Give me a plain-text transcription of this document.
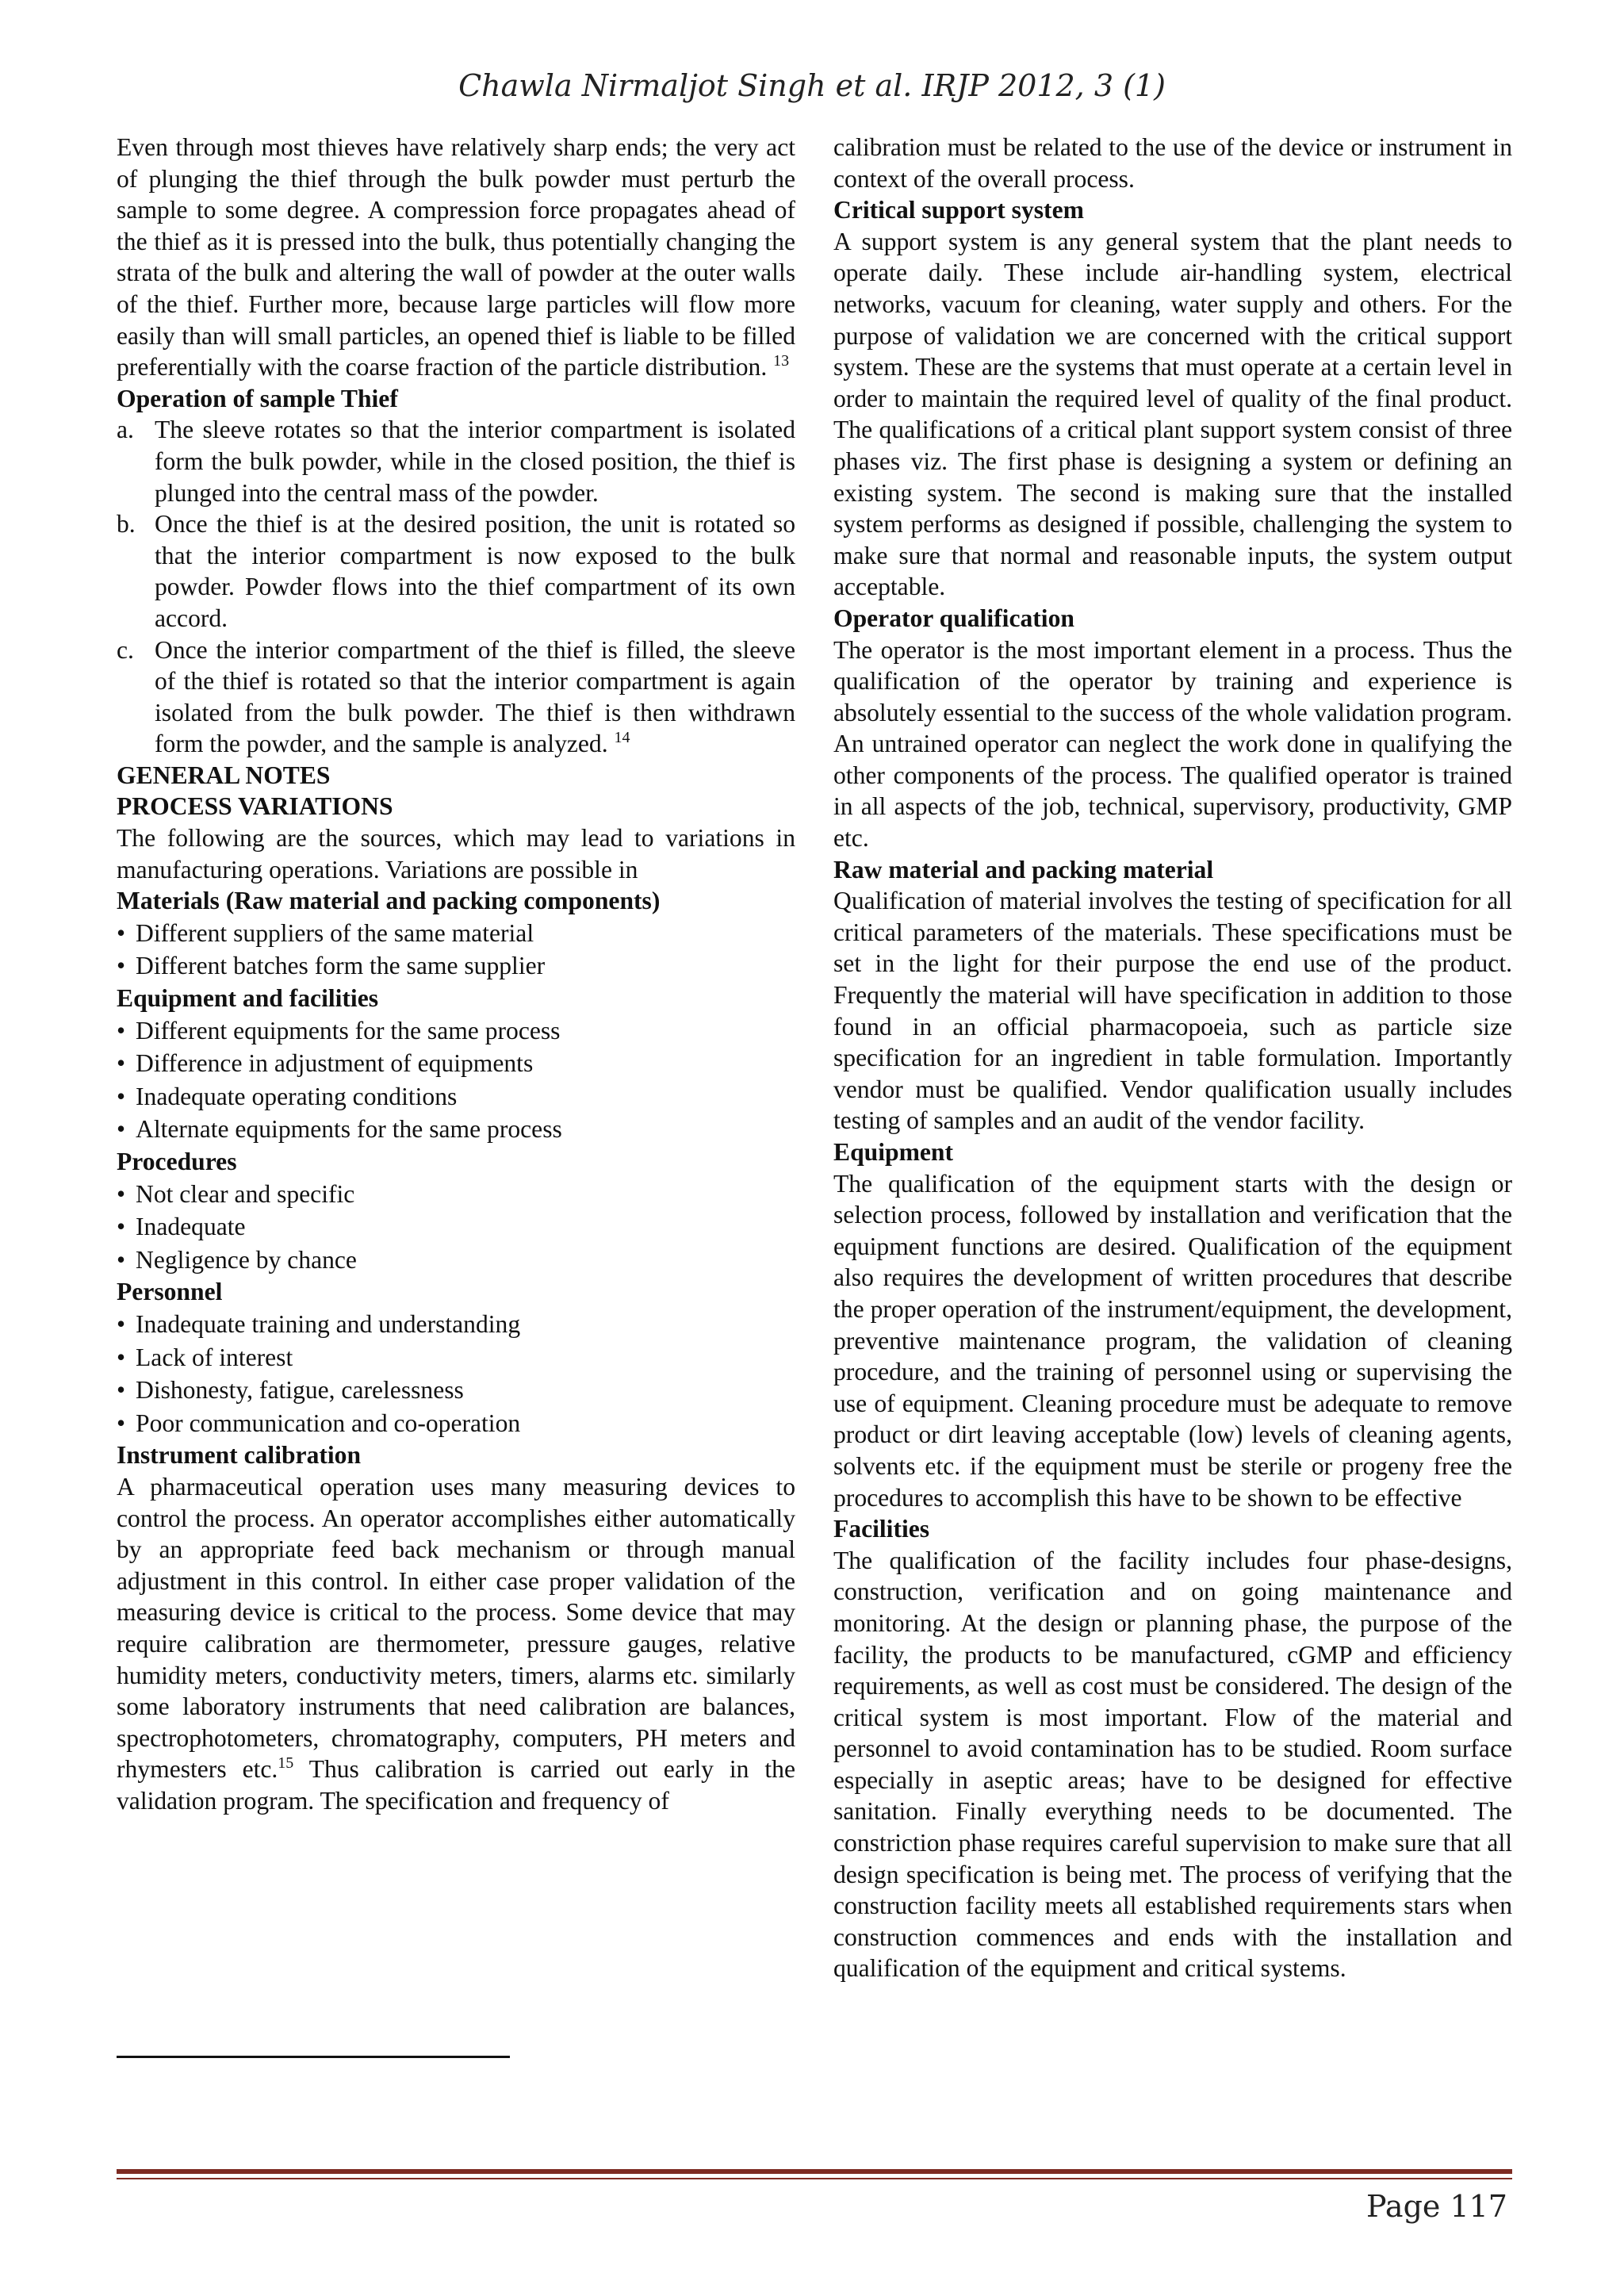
Chawla Nirmaljot Singh et al. IRJP 2012, 3 (1)

Even through most thieves have relatively sharp ends; the very act of plunging the thief through the bulk powder must perturb the sample to some degree. A compression force propagates ahead of the thief as it is pressed into the bulk, thus potentially changing the strata of the bulk and altering the wall of powder at the outer walls of the thief. Further more, because large particles will flow more easily than will small particles, an opened thief is liable to be filled preferentially with the coarse fraction of the particle distribution. $^{13}$

Operation of sample Thief
a. The sleeve rotates so that the interior compartment is isolated form the bulk powder, while in the closed position, the thief is plunged into the central mass of the powder.
b. Once the thief is at the desired position, the unit is rotated so that the interior compartment is now exposed to the bulk powder. Powder flows into the thief compartment of its own accord.
c. Once the interior compartment of the thief is filled, the sleeve of the thief is rotated so that the interior compartment is again isolated from the bulk powder. The thief is then withdrawn form the powder, and the sample is analyzed. $^{14}$
GENERAL NOTES
PROCESS VARIATIONS

The following are the sources, which may lead to variations in manufacturing operations. Variations are possible in

Materials (Raw material and packing components)
• Different suppliers of the same material
• Different batches form the same supplier
Equipment and facilities
• Different equipments for the same process
• Difference in adjustment of equipments
• Inadequate operating conditions
• Alternate equipments for the same process
Procedures
• Not clear and specific
• Inadequate
• Negligence by chance
Personnel
• Inadequate training and understanding
• Lack of interest
• Dishonesty, fatigue, carelessness
• Poor communication and co-operation
Instrument calibration

A pharmaceutical operation uses many measuring devices to control the process. An operator accomplishes either automatically by an appropriate feed back mechanism or through manual adjustment in this control. In either case proper validation of the measuring device is critical to the process. Some device that may require calibration are thermometer, pressure gauges, relative humidity meters, conductivity meters, timers, alarms etc. similarly some laboratory instruments that need calibration are balances, spectrophotometers, chromatography, computers, PH meters and rhymesters etc.$^{15}$ Thus calibration is carried out early in the validation program. The specification and frequency of

calibration must be related to the use of the device or instrument in context of the overall process.

Critical support system

A support system is any general system that the plant needs to operate daily. These include air-handling system, electrical networks, vacuum for cleaning, water supply and others. For the purpose of validation we are concerned with the critical support system. These are the systems that must operate at a certain level in order to maintain the required level of quality of the final product. The qualifications of a critical plant support system consist of three phases viz. The first phase is designing a system or defining an existing system. The second is making sure that the installed system performs as designed if possible, challenging the system to make sure that normal and reasonable inputs, the system output acceptable.

Operator qualification

The operator is the most important element in a process. Thus the qualification of the operator by training and experience is absolutely essential to the success of the whole validation program. An untrained operator can neglect the work done in qualifying the other components of the process. The qualified operator is trained in all aspects of the job, technical, supervisory, productivity, GMP etc.

Raw material and packing material

Qualification of material involves the testing of specification for all critical parameters of the materials. These specifications must be set in the light for their purpose the end use of the product. Frequently the material will have specification in addition to those found in an official pharmacopoeia, such as particle size specification for an ingredient in table formulation. Importantly vendor must be qualified. Vendor qualification usually includes testing of samples and an audit of the vendor facility.

Equipment

The qualification of the equipment starts with the design or selection process, followed by installation and verification that the equipment functions are desired. Qualification of the equipment also requires the development of written procedures that describe the proper operation of the instrument/equipment, the development, preventive maintenance program, the validation of cleaning procedure, and the training of personnel using or supervising the use of equipment. Cleaning procedure must be adequate to remove product or dirt leaving acceptable (low) levels of cleaning agents, solvents etc. if the equipment must be sterile or progeny free the procedures to accomplish this have to be shown to be effective

Facilities

The qualification of the facility includes four phase-designs, construction, verification and on going maintenance and monitoring. At the design or planning phase, the purpose of the facility, the products to be manufactured, cGMP and efficiency requirements, as well as cost must be considered. The design of the critical system is most important. Flow of the material and personnel to avoid contamination has to be studied. Room surface especially in aseptic areas; have to be designed for effective sanitation. Finally everything needs to be documented. The constriction phase requires careful supervision to make sure that all design specification is being met. The process of verifying that the construction facility meets all established requirements stars when construction commences and ends with the installation and qualification of the equipment and critical systems.

Page 117
